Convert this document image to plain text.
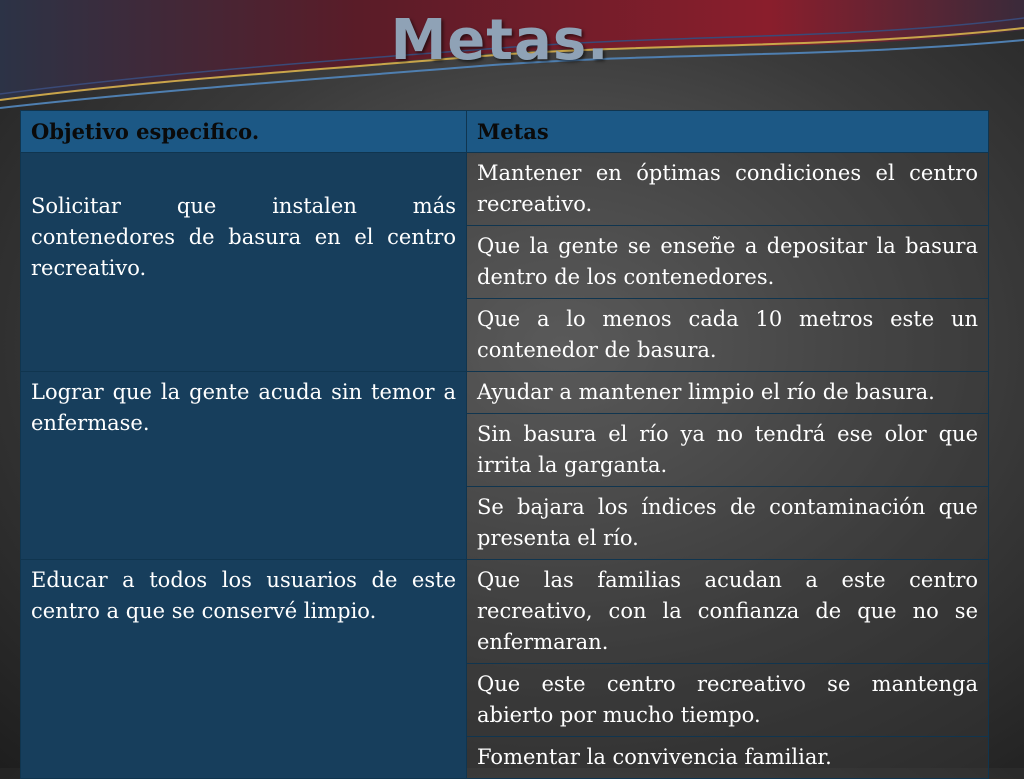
Metas.
Objetivo especifico.	Metas
Solicitar que instalen más contenedores de basura en el centro recreativo.	Mantener en óptimas condiciones el centro recreativo.
	Que la gente se enseñe a depositar la basura dentro de los contenedores.
	Que a lo menos cada 10 metros este un contenedor de basura.
Lograr que la gente acuda sin temor a enfermase.	Ayudar a mantener limpio el río de basura.
	Sin basura el río ya no tendrá ese olor que irrita la garganta.
	Se bajara los índices de contaminación que presenta el río.
Educar a todos los usuarios de este centro a que se conservé limpio.	Que las familias acudan a este centro recreativo, con la confianza de que no se enfermaran.
	Que este centro recreativo se mantenga abierto por mucho tiempo.
	Fomentar la convivencia familiar.
